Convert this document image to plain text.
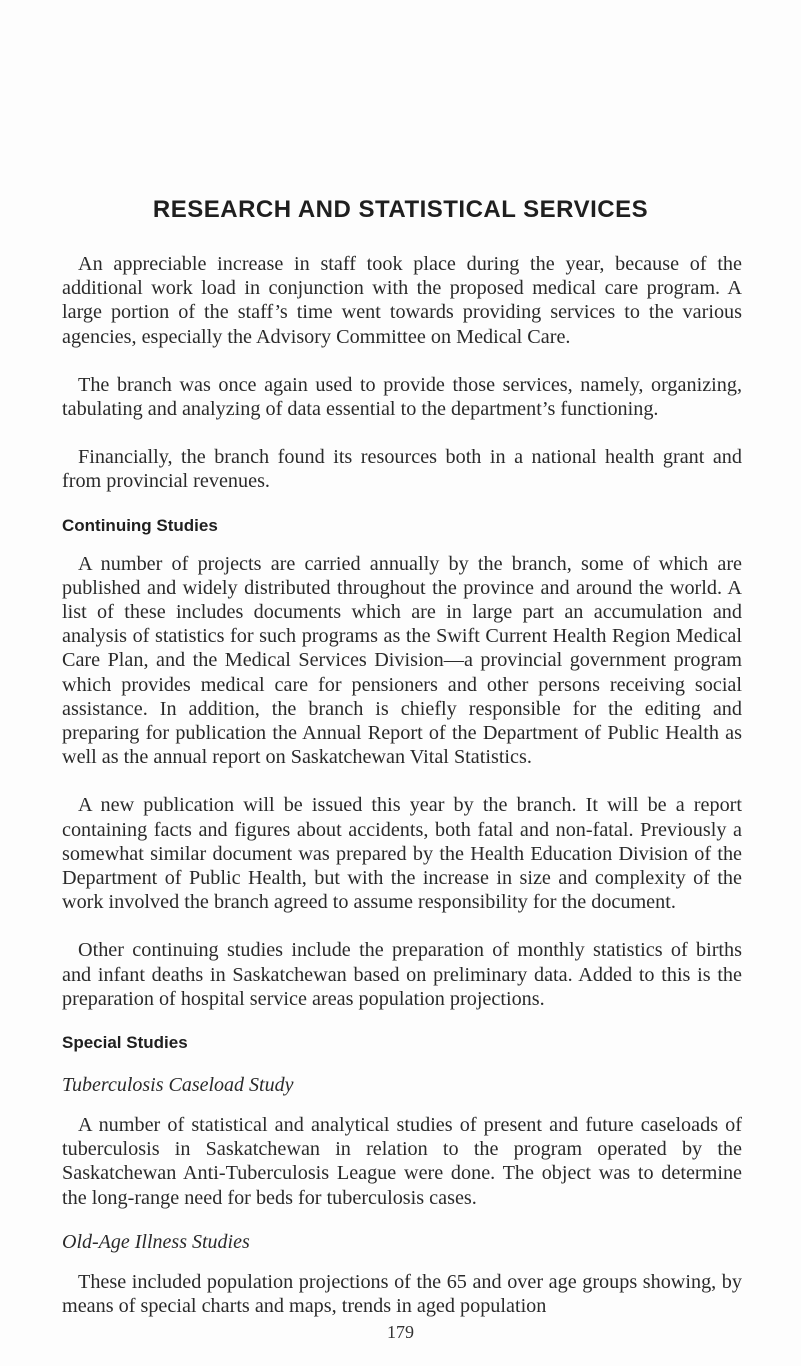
RESEARCH AND STATISTICAL SERVICES

An appreciable increase in staff took place during the year, because of the additional work load in conjunction with the proposed medical care program. A large portion of the staff’s time went towards providing services to the various agencies, especially the Advisory Committee on Medical Care.

The branch was once again used to provide those services, namely, organizing, tabulating and analyzing of data essential to the department’s functioning.

Financially, the branch found its resources both in a national health grant and from provincial revenues.

Continuing Studies

A number of projects are carried annually by the branch, some of which are published and widely distributed throughout the province and around the world. A list of these includes documents which are in large part an accumulation and analysis of statistics for such programs as the Swift Current Health Region Medical Care Plan, and the Medical Services Division—a provincial government program which provides medical care for pensioners and other persons receiving social assistance. In addition, the branch is chiefly responsible for the editing and preparing for publication the Annual Report of the Department of Public Health as well as the annual report on Saskatchewan Vital Statistics.

A new publication will be issued this year by the branch. It will be a report containing facts and figures about accidents, both fatal and non-fatal. Previously a somewhat similar document was prepared by the Health Education Division of the Department of Public Health, but with the increase in size and complexity of the work involved the branch agreed to assume responsibility for the document.

Other continuing studies include the preparation of monthly statistics of births and infant deaths in Saskatchewan based on preliminary data. Added to this is the preparation of hospital service areas population projections.

Special Studies
Tuberculosis Caseload Study

A number of statistical and analytical studies of present and future caseloads of tuberculosis in Saskatchewan in relation to the program operated by the Saskatchewan Anti-Tuberculosis League were done. The object was to determine the long-range need for beds for tuberculosis cases.

Old-Age Illness Studies

These included population projections of the 65 and over age groups showing, by means of special charts and maps, trends in aged population

179
